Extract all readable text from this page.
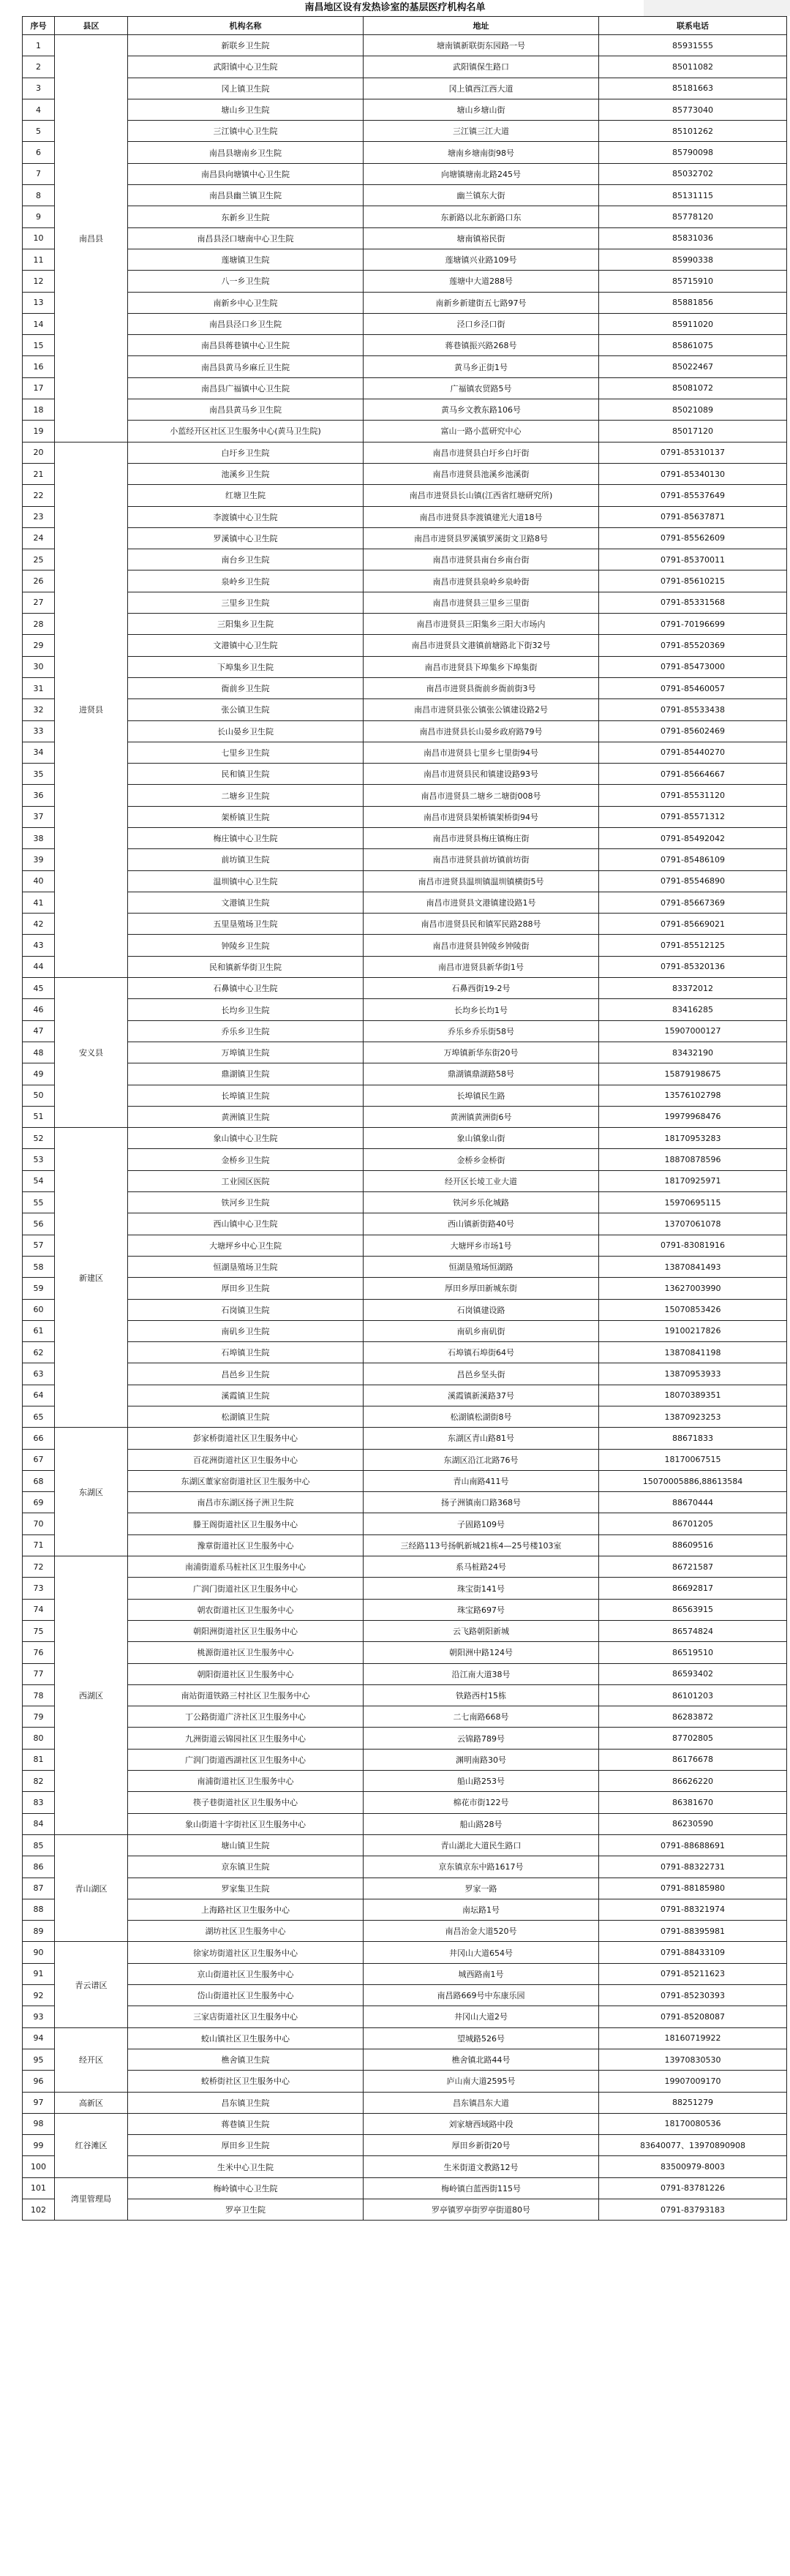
南昌地区设有发热诊室的基层医疗机构名单
序号	县区	机构名称	地址	联系电话
1	南昌县	新联乡卫生院	塘南镇新联街东园路一号	85931555
2		武阳镇中心卫生院	武阳镇保生路口	85011082
3		冈上镇卫生院	冈上镇西江西大道	85181663
4		塘山乡卫生院	塘山乡塘山街	85773040
5		三江镇中心卫生院	三江镇三江大道	85101262
6		南昌县塘南乡卫生院	塘南乡塘南街98号	85790098
7		南昌县向塘镇中心卫生院	向塘镇塘南北路245号	85032702
8		南昌县幽兰镇卫生院	幽兰镇东大街	85131115
9		东新乡卫生院	东新路以北东新路口东	85778120
10		南昌县泾口塘南中心卫生院	塘南镇裕民街	85831036
11		莲塘镇卫生院	莲塘镇兴业路109号	85990338
12		八一乡卫生院	莲塘中大道288号	85715910
13		南新乡中心卫生院	南新乡新建街五七路97号	85881856
14		南昌县泾口乡卫生院	泾口乡泾口街	85911020
15		南昌县蒋巷镇中心卫生院	蒋巷镇振兴路268号	85861075
16		南昌县黄马乡麻丘卫生院	黄马乡正街1号	85022467
17		南昌县广福镇中心卫生院	广福镇农贸路5号	85081072
18		南昌县黄马乡卫生院	黄马乡文教东路106号	85021089
19		小蓝经开区社区卫生服务中心(黄马卫生院)	富山一路小蓝研究中心	85017120
20	进贤县	白圩乡卫生院	南昌市进贤县白圩乡白圩街	0791-85310137
21		池溪乡卫生院	南昌市进贤县池溪乡池溪街	0791-85340130
22		红塘卫生院	南昌市进贤县长山镇(江西省红塘研究所)	0791-85537649
23		李渡镇中心卫生院	南昌市进贤县李渡镇建光大道18号	0791-85637871
24		罗溪镇中心卫生院	南昌市进贤县罗溪镇罗溪街文卫路8号	0791-85562609
25		南台乡卫生院	南昌市进贤县南台乡南台街	0791-85370011
26		泉岭乡卫生院	南昌市进贤县泉岭乡泉岭街	0791-85610215
27		三里乡卫生院	南昌市进贤县三里乡三里街	0791-85331568
28		三阳集乡卫生院	南昌市进贤县三阳集乡三阳大市场内	0791-70196699
29		文港镇中心卫生院	南昌市进贤县文港镇前塘路北下街32号	0791-85520369
30		下埠集乡卫生院	南昌市进贤县下埠集乡下埠集街	0791-85473000
31		衙前乡卫生院	南昌市进贤县衙前乡衙前街3号	0791-85460057
32		张公镇卫生院	南昌市进贤县张公镇张公镇建设路2号	0791-85533438
33		长山晏乡卫生院	南昌市进贤县长山晏乡政府路79号	0791-85602469
34		七里乡卫生院	南昌市进贤县七里乡七里街94号	0791-85440270
35		民和镇卫生院	南昌市进贤县民和镇建设路93号	0791-85664667
36		二塘乡卫生院	南昌市进贤县二塘乡二塘街008号	0791-85531120
37		架桥镇卫生院	南昌市进贤县架桥镇架桥街94号	0791-85571312
38		梅庄镇中心卫生院	南昌市进贤县梅庄镇梅庄街	0791-85492042
39		前坊镇卫生院	南昌市进贤县前坊镇前坊街	0791-85486109
40		温圳镇中心卫生院	南昌市进贤县温圳镇温圳镇横街5号	0791-85546890
41		文港镇卫生院	南昌市进贤县文港镇建设路1号	0791-85667369
42		五里垦殖场卫生院	南昌市进贤县民和镇军民路288号	0791-85669021
43		钟陵乡卫生院	南昌市进贤县钟陵乡钟陵街	0791-85512125
44		民和镇新华街卫生院	南昌市进贤县新华街1号	0791-85320136
45	安义县	石鼻镇中心卫生院	石鼻西街19-2号	83372012
46		长均乡卫生院	长均乡长均1号	83416285
47		乔乐乡卫生院	乔乐乡乔乐街58号	15907000127
48		万埠镇卫生院	万埠镇新华东街20号	83432190
49		鼎湖镇卫生院	鼎湖镇鼎湖路58号	15879198675
50		长埠镇卫生院	长埠镇民生路	13576102798
51		黄洲镇卫生院	黄洲镇黄洲街6号	19979968476
52	新建区	象山镇中心卫生院	象山镇象山街	18170953283
53		金桥乡卫生院	金桥乡金桥街	18870878596
54		工业园区医院	经开区长堎工业大道	18170925971
55		铁河乡卫生院	铁河乡乐化城路	15970695115
56		西山镇中心卫生院	西山镇新街路40号	13707061078
57		大塘坪乡中心卫生院	大塘坪乡市场1号	0791-83081916
58		恒湖垦殖场卫生院	恒湖垦殖场恒湖路	13870841493
59		厚田乡卫生院	厚田乡厚田新城东街	13627003990
60		石岗镇卫生院	石岗镇建设路	15070853426
61		南矶乡卫生院	南矶乡南矶街	19100217826
62		石埠镇卫生院	石埠镇石埠街64号	13870841198
63		昌邑乡卫生院	昌邑乡坚头街	13870953933
64		溪霞镇卫生院	溪霞镇新溪路37号	18070389351
65		松湖镇卫生院	松湖镇松湖街8号	13870923253
66	东湖区	彭家桥街道社区卫生服务中心	东湖区青山路81号	88671833
67		百花洲街道社区卫生服务中心	东湖区沿江北路76号	18170067515
68		东湖区董家窑街道社区卫生服务中心	青山南路411号	15070005886,88613584
69		南昌市东湖区扬子洲卫生院	扬子洲镇南口路368号	88670444
70		滕王阁街道社区卫生服务中心	子固路109号	86701205
71		豫章街道社区卫生服务中心	三经路113号扬帆新城21栋4—25号楼103室	88609516
72	西湖区	南浦街道系马桩社区卫生服务中心	系马桩路24号	86721587
73		广润门街道社区卫生服务中心	珠宝街141号	86692817
74		朝农街道社区卫生服务中心	珠宝路697号	86563915
75		朝阳洲街道社区卫生服务中心	云飞路朝阳新城	86574824
76		桃源街道社区卫生服务中心	朝阳洲中路124号	86519510
77		朝阳街道社区卫生服务中心	沿江南大道38号	86593402
78		南站街道铁路三村社区卫生服务中心	铁路西村15栋	86101203
79		丁公路街道广济社区卫生服务中心	二七南路668号	86283872
80		九洲街道云锦园社区卫生服务中心	云锦路789号	87702805
81		广润门街道西湖社区卫生服务中心	渊明南路30号	86176678
82		南浦街道社区卫生服务中心	船山路253号	86626220
83		筷子巷街道社区卫生服务中心	棉花市街122号	86381670
84		象山街道十字街社区卫生服务中心	船山路28号	86230590
85	青山湖区	塘山镇卫生院	青山湖北大道民生路口	0791-88688691
86		京东镇卫生院	京东镇京东中路1617号	0791-88322731
87		罗家集卫生院	罗家一路	0791-88185980
88		上海路社区卫生服务中心	南坛路1号	0791-88321974
89		湖坊社区卫生服务中心	南昌治金大道520号	0791-88395981
90	青云谱区	徐家坊街道社区卫生服务中心	井冈山大道654号	0791-88433109
91		京山街道社区卫生服务中心	城西路南1号	0791-85211623
92		岱山街道社区卫生服务中心	南昌路669号中东康乐园	0791-85230393
93		三家店街道社区卫生服务中心	井冈山大道2号	0791-85208087
94	经开区	蛟山镇社区卫生服务中心	望城路526号	18160719922
95		樵舍镇卫生院	樵舍镇北路44号	13970830530
96		蛟桥街社区卫生服务中心	庐山南大道2595号	19907009170
97	高新区	昌东镇卫生院	昌东镇昌东大道	88251279
98	红谷滩区	蒋巷镇卫生院	刘家塘西域路中段	18170080536
99		厚田乡卫生院	厚田乡新街20号	83640077、13970890908
100		生米中心卫生院	生米街道文教路12号	83500979-8003
101	湾里管理局	梅岭镇中心卫生院	梅岭镇白蓝西街115号	0791-83781226
102		罗亭卫生院	罗亭镇罗亭街罗亭街道80号	0791-83793183
